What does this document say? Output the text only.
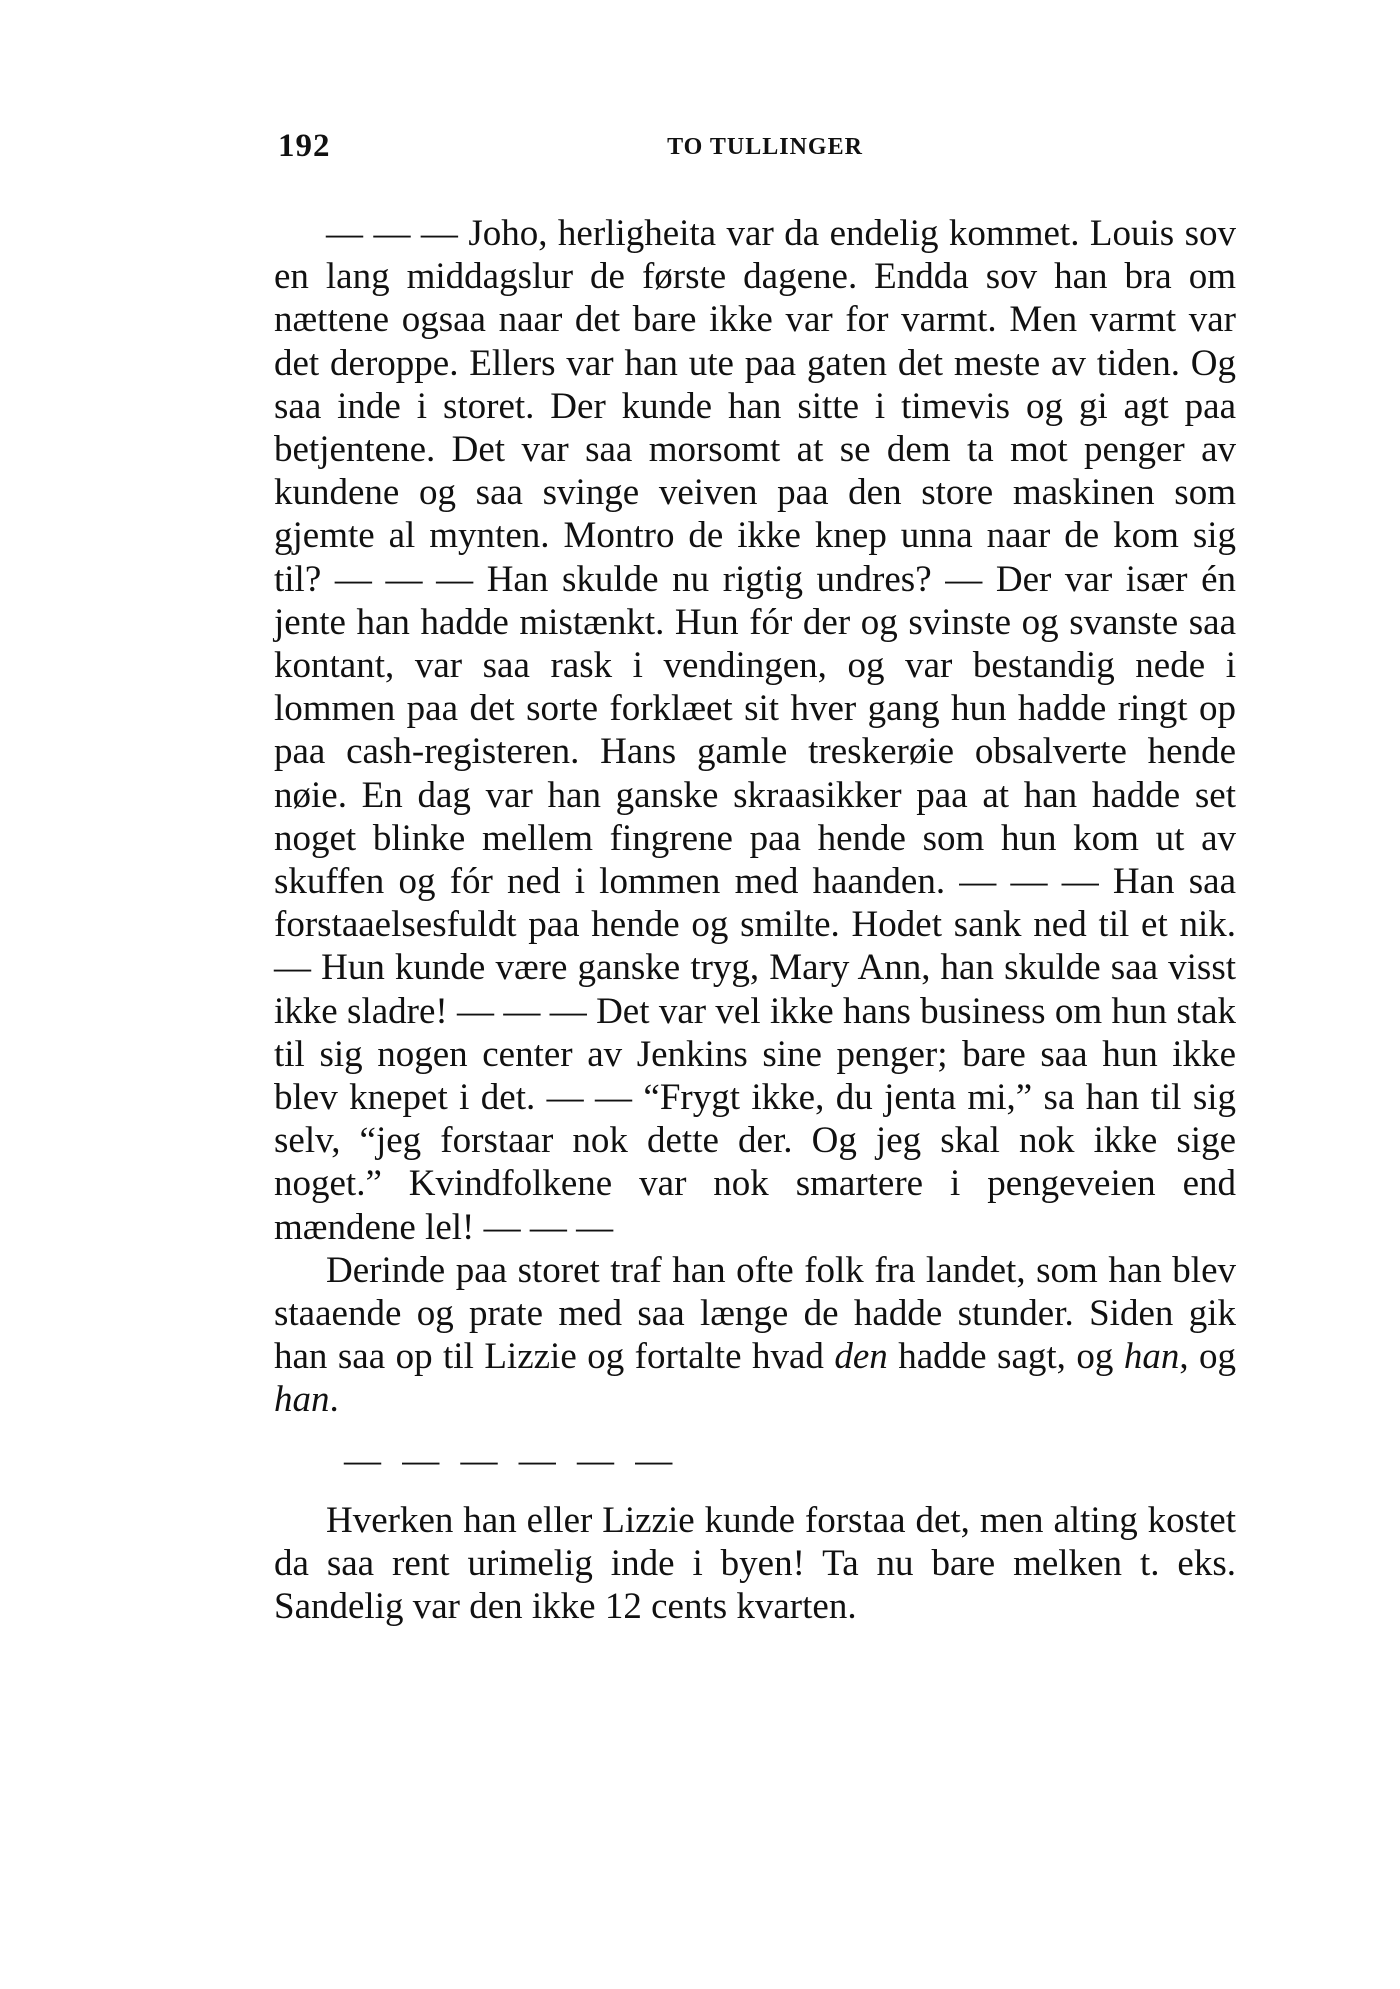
192	TO TULLINGER

— — — Joho, herligheita var da endelig kommet. Louis sov en lang middagslur de første dagene. Endda sov han bra om nættene ogsaa naar det bare ikke var for varmt. Men varmt var det deroppe. Ellers var han ute paa gaten det meste av tiden. Og saa inde i storet. Der kunde han sitte i timevis og gi agt paa betjentene. Det var saa morsomt at se dem ta mot penger av kundene og saa svinge veiven paa den store maskinen som gjemte al mynten. Montro de ikke knep unna naar de kom sig til? — — — Han skulde nu rigtig undres? — Der var især én jente han hadde mistænkt. Hun fór der og svinste og svanste saa kontant, var saa rask i vendingen, og var bestandig nede i lommen paa det sorte forklæet sit hver gang hun hadde ringt op paa cash-registeren. Hans gamle treskerøie obsalverte hende nøie. En dag var han ganske skraasikker paa at han hadde set noget blinke mellem fingrene paa hende som hun kom ut av skuffen og fór ned i lommen med haanden. — — — Han saa forstaaelsesfuldt paa hende og smilte. Hodet sank ned til et nik. — Hun kunde være ganske tryg, Mary Ann, han skulde saa visst ikke sladre! — — — Det var vel ikke hans business om hun stak til sig nogen center av Jenkins sine penger; bare saa hun ikke blev knepet i det. — — “Frygt ikke, du jenta mi,” sa han til sig selv, “jeg forstaar nok dette der. Og jeg skal nok ikke sige noget.” Kvindfolkene var nok smartere i pengeveien end mændene lel! — — —

Derinde paa storet traf han ofte folk fra landet, som han blev staaende og prate med saa længe de hadde stunder. Siden gik han saa op til Lizzie og fortalte hvad den hadde sagt, og han, og han.

— — — — — —

Hverken han eller Lizzie kunde forstaa det, men alting kostet da saa rent urimelig inde i byen! Ta nu bare melken t. eks. Sandelig var den ikke 12 cents kvarten.
